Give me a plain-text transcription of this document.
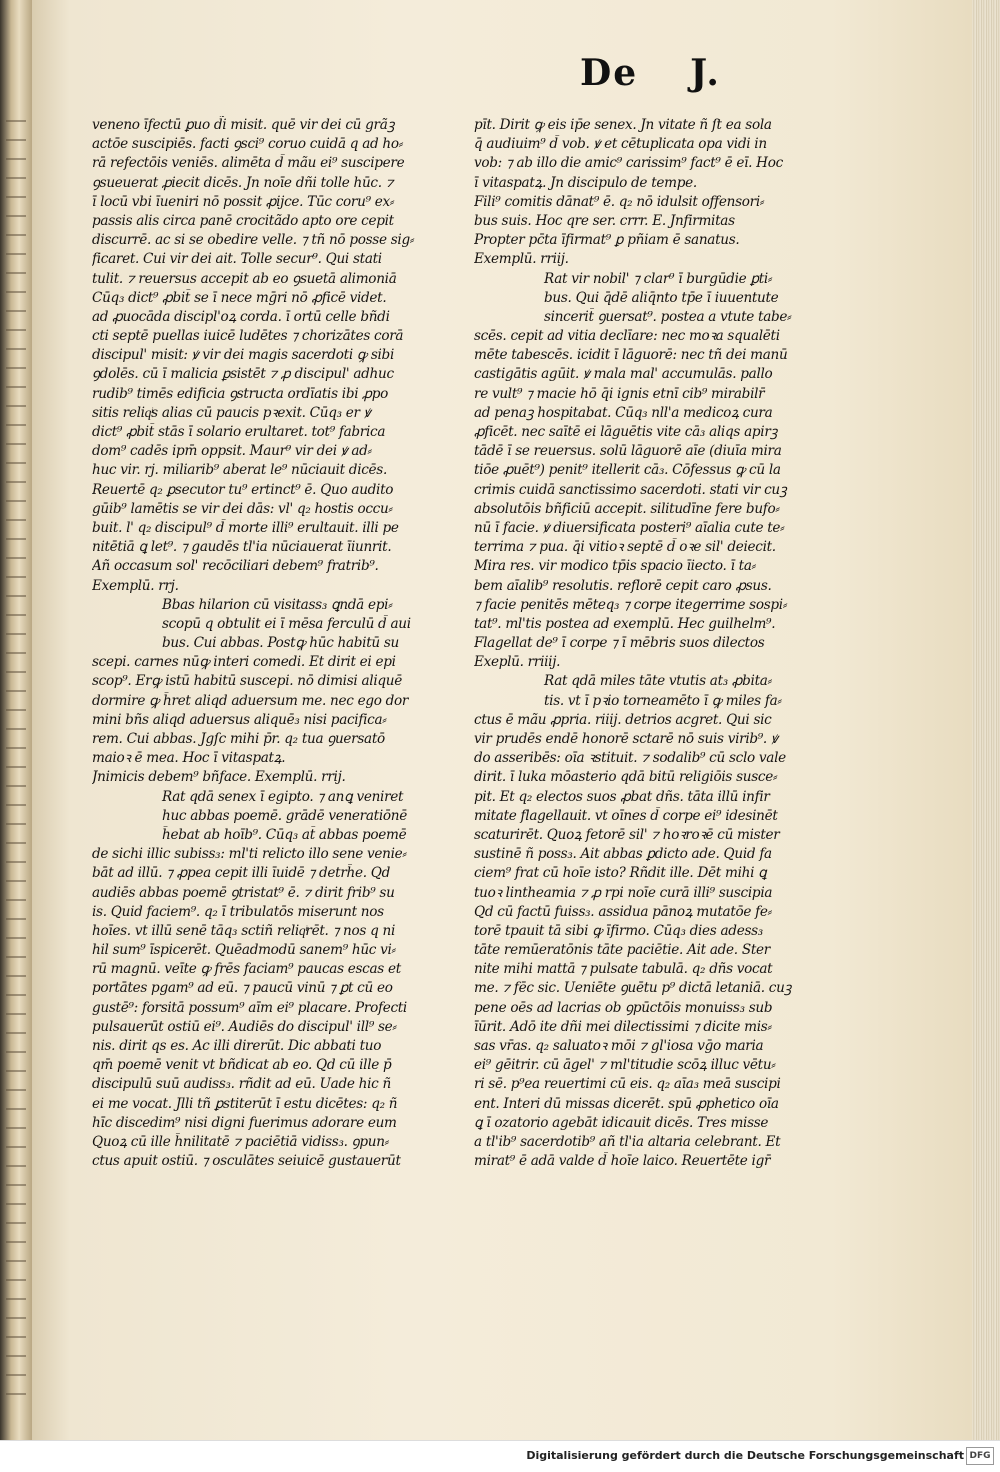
De J.
veneno īfectū ꝑuo d̃i misit. quē vir dei cū grãꝫ
actōe suscipiēs. facti ꝯsci⁹ coruo cuidā q ad ho⸗
rā refectōis veniēs. alimēta d̄ mãu ei⁹ suscipere
ꝯsueuerat ꝓiecit dicēs. Jn noīe dñi tolle hūc. ⁊
ī locū vbi īueniri nō possit ꝓijce. Tūc coru⁹ ex⸗
passis alis circa panē crocitãdo apto ore cepit
discurrē. ac si se obedire velle. ⁊ tñ nō posse sig⸗
ficaret. Cui vir dei ait. Tolle secur⁹. Qui stati
tulit. ⁊ reuersus accepit ab eo ꝯsuetā alimoniā
Cūq₃ dict⁹ ꝓbit̄ se ī nece mḡri nō ꝓficē videt.
ad ꝓuocāda discipl'oꝝ corda. ī ortū celle bñdi
cti septē puellas iuicē ludētes ⁊ chorizātes corā
discipul' misit: ꝟ vir dei magis sacerdoti ꝙ sibi
ꝯdolēs. cū ī malicia ꝑsistēt ⁊ ꝓ discipul' adhuc
rudib⁹ timēs edificia ꝯstructa ordīatis ibi ꝓpo
sitis reliqͥs alias cū paucis pꝛexit. Cūq₃ er ꝟ
dict⁹ ꝓbit̄ stās ī solario erultaret. tot⁹ fabrica
dom⁹ cadēs ipm̄ oppsit. Maur⁹ vir dei ꝟ ad⸗
huc vir. rj. miliarib⁹ aberat le⁹ nūciauit dicēs.
Reuertē q₂ ꝑsecutor tu⁹ ertinct⁹ ē. Quo audito
gūib⁹ lamētis se vir dei dās: vl' q₂ hostis occu⸗
buit. l' q₂ discipul⁹ d̄ morte illi⁹ erultauit. illi pe
nitētiā ꝗ let⁹. ⁊ gaudēs tl'ia nūciauerat īiunrit.
Añ occasum sol' recōciliari debem⁹ fratrib⁹.
Exemplū. rrj.
Bbas hilarion cū visitass₃ ꝗndā epi⸗
scopū q obtulit ei ī mēsa ferculū d̄ aui
bus. Cui abbas. Postꝙ hūc habitū su
scepi. carnes nūꝙ interi comedi. Et dirit ei epi
scop⁹. Erꝙ istū habitū suscepi. nō dimisi aliquē
dormire ꝙ h̄ret aliqd aduersum me. nec ego dor
mini bñs aliqd aduersus aliquē₃ nisi pacifica⸗
rem. Cui abbas. Jgſc mihi p̄r. q₂ tua ꝯuersatō
maioꝛ ē mea. Hoc ī vitaspatꝝ.
Jnimicis debem⁹ bñface. Exemplū. rrij.
Rat qdā senex ī egipto. ⁊ anꝗ veniret
huc abbas poemē. grādē veneratiōnē
h̄ebat ab hoīb⁹. Cūq₃ at̄ abbas poemē
de sichi illic subiss₃: ml'ti relicto illo sene venie⸗
bāt ad illū. ⁊ ꝓpea cepit illi īuidē ⁊ detrh̄e. Qd
audiēs abbas poemē ꝯtristat⁹ ē. ⁊ dirit frib⁹ su
is. Quid faciem⁹. q₂ ī tribulatōs miserunt nos
hoīes. vt illū senē tāq₃ sctiñ reliqͥrēt. ⁊ nos q ni
hil sum⁹ īspicerēt. Quēadmodū sanem⁹ hūc vi⸗
rū magnū. veīte ꝙ frēs faciam⁹ paucas escas et
portātes pgam⁹ ad eū. ⁊ paucū vinū ⁊ ꝑt cū eo
gustē⁹: forsitā possum⁹ aīm ei⁹ placare. Profecti
pulsauerūt ostiū ei⁹. Audiēs do discipul' ill⁹ se⸗
nis. dirit qs es. Ac illi direrūt. Dic abbati tuo
qm̄ poemē venit vt bñdicat ab eo. Qd cū ille p̄
discipulū suū audiss₃. rñdit ad eū. Uade hic ñ
ei me vocat. Jlli tñ ꝑstiterūt ī estu dicētes: q₂ ñ
hīc discedim⁹ nisi digni fuerimus adorare eum
Quoꝝ cū ille h̄nilitatē ⁊ paciētiā vidiss₃. ꝯpun⸗
ctus apuit ostiū. ⁊ osculātes seiuicē gustauerūt
pīt. Dirit ꝙ eis ip̄e senex. Jn vitate ñ ſt ea sola
q̄ audiuim⁹ d̄ vob. ꝟ et cētuplicata opa vidi in
vob: ⁊ ab illo die amic⁹ carissim⁹ fact⁹ ē eī. Hoc
ī vitaspatꝝ. Jn discipulo de tempe.
Fili⁹ comitis dānat⁹ ē. q₂ nō idulsit offensori⸗
bus suis. Hoc qre ser. crrr. E. Jnfirmitas
Propter pc̄ta īfirmat⁹ ꝑ pñiam ē sanatus.
Exemplū. rriij.
Rat vir nobil' ⁊ clar⁹ ī burgūdie ꝑti⸗
bus. Qui q̄dē aliq̄nto tp̄e ī iuuentute
sincerit̄ ꝯuersat⁹. postea a vtute tabe⸗
scēs. cepit ad vitia declīare: nec moꝛa squalēti
mēte tabescēs. icidit ī lāguorē: nec tñ dei manū
castigātis agūit. ꝟ mala mal' accumulās. pallo
re vult⁹ ⁊ macie hō q̄i ignis etnī cib⁹ mirabilr̄
ad penaꝫ hospitabat. Cūq₃ nll'a medicoꝝ cura
ꝓficēt. nec saītē ei lāguētis vite cā₃ aliqs apirꝫ
tādē ī se reuersus. solū lāguorē aīe (diuīa mira
tiōe ꝓuēt⁹) penit⁹ itellerit cā₃. Cōfessus ꝙ cū la
crimis cuidā sanctissimo sacerdoti. stati vir cuꝫ
absolutōis bñficiū accepit. silitudīne fere bufo⸗
nū ī facie. ꝟ diuersificata posteri⁹ aīalia cute te⸗
terrima ⁊ pua. q̄i vitioꝛ septē d̄ oꝛe sil' deiecit.
Mira res. vir modico tp̄is spacio īiecto. ī ta⸗
bem aīalib⁹ resolutis. reflorē cepit caro ꝓsus.
⁊ facie penitēs mēteq₃ ⁊ corpe itegerrime sospi⸗
tat⁹. ml'tis postea ad exemplū. Hec guilhelm⁹.
Flagellat de⁹ ī corpe ⁊ ī mēbris suos dilectos
Exeplū. rriiij.
Rat qdā miles tāte vtutis at₃ ꝓbita⸗
tis. vt ī pꝛio torneamēto ī ꝙ miles fa⸗
ctus ē mãu ꝓpria. riiij. detrios acgret. Qui sic
vir prudēs endē honorē sctarē nō suis virib⁹. ꝟ
do asseribēs: oīa ꝛstituit. ⁊ sodalib⁹ cū sclo vale
dirit. ī luka mōasterio qdā bitū religiōis susce⸗
pit. Et q₂ electos suos ꝓbat dñs. tāta illū infir
mitate flagellauit. vt oīnes d̄ corpe ei⁹ idesinēt
scaturirēt. Quoꝝ fetorē sil' ⁊ hoꝛroꝛē cū mister
sustinē ñ poss₃. Ait abbas ꝑdicto ade. Quid fa
ciem⁹ frat cū hoīe isto? Rñdit ille. Dēt mihi ꝗ
tuoꝛ lintheamia ⁊ ꝓ rpi noīe curā illi⁹ suscipia
Qd cū factū fuiss₃. assidua pānoꝝ mutatōe fe⸗
torē tpauit tā sibi ꝙ īfirmo. Cūq₃ dies adess₃
tāte remūeratōnis tāte paciētie. Ait ade. Ster
nite mihi mattā ⁊ pulsate tabulā. q₂ dñs vocat
me. ⁊ fēc sic. Ueniēte ꝯuētu p⁹ dictā letaniā. cuꝫ
pene oēs ad lacrias ob ꝯpūctōis monuiss₃ sub
īūrit. Adō ite dñi mei dilectissimi ⁊ dicite mis⸗
sas vr̄as. q₂ saluatoꝛ mōi ⁊ gl'iosa vḡo maria
ei⁹ gēitrir. cū āgel' ⁊ ml'titudie scōꝝ illuc vētu⸗
ri sē. p⁹ea reuertimi cū eis. q₂ aīa₃ meā suscipi
ent. Interi dū missas dicerēt. spū ꝓphetico oīa
ꝗ ī ozatorio agebāt idicauit dicēs. Tres misse
a tl'ib⁹ sacerdotib⁹ añ tl'ia altaria celebrant. Et
mirat⁹ ē adā valde d̄ hoīe laico. Reuertēte igr̄
Digitalisierung gefördert durch die Deutsche Forschungsgemeinschaft DFG
